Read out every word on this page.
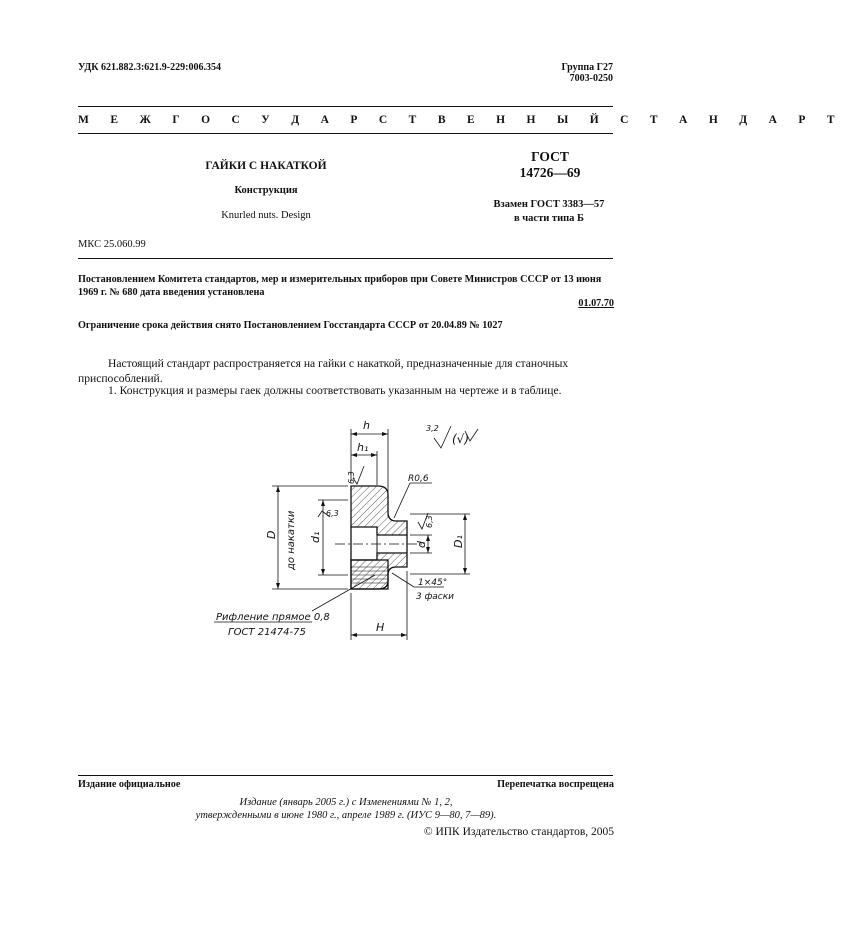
УДК 621.882.3:621.9-229:006.354	Группа Г27
7003-0250
М Е Ж Г О С У Д А Р С Т В Е Н Н Ы Й С Т А Н Д А Р Т
ГАЙКИ С НАКАТКОЙ
Конструкция
Knurled nuts. Design
ГОСТ
14726—69
Взамен ГОСТ 3383—57
в части типа Б
МКС 25.060.99
Постановлением Комитета стандартов, мер и измерительных приборов при Совете Министров СССР от 13 июня 1969 г. № 680 дата введения установлена
01.07.70
Ограничение срока действия снято Постановлением Госстандарта СССР от 20.04.89 № 1027

Настоящий стандарт распространяется на гайки с накаткой, предназначенные для станочных приспособлений.

1. Конструкция и размеры гаек должны соответствовать указанным на чертеже и в таблице.

h
h₁
3,2
(√)
R0,6
6,3
6,3
6,3
D до накатки d₁
d D₁
1×45°
3 фаски
Рифление прямое 0,8
ГОСТ 21474-75	H
Издание официальное	Перепечатка воспрещена
Издание (январь 2005 г.) с Изменениями № 1, 2,
утвержденными в июне 1980 г., апреле 1989 г. (ИУС 9—80, 7—89).
© ИПК Издательство стандартов, 2005
